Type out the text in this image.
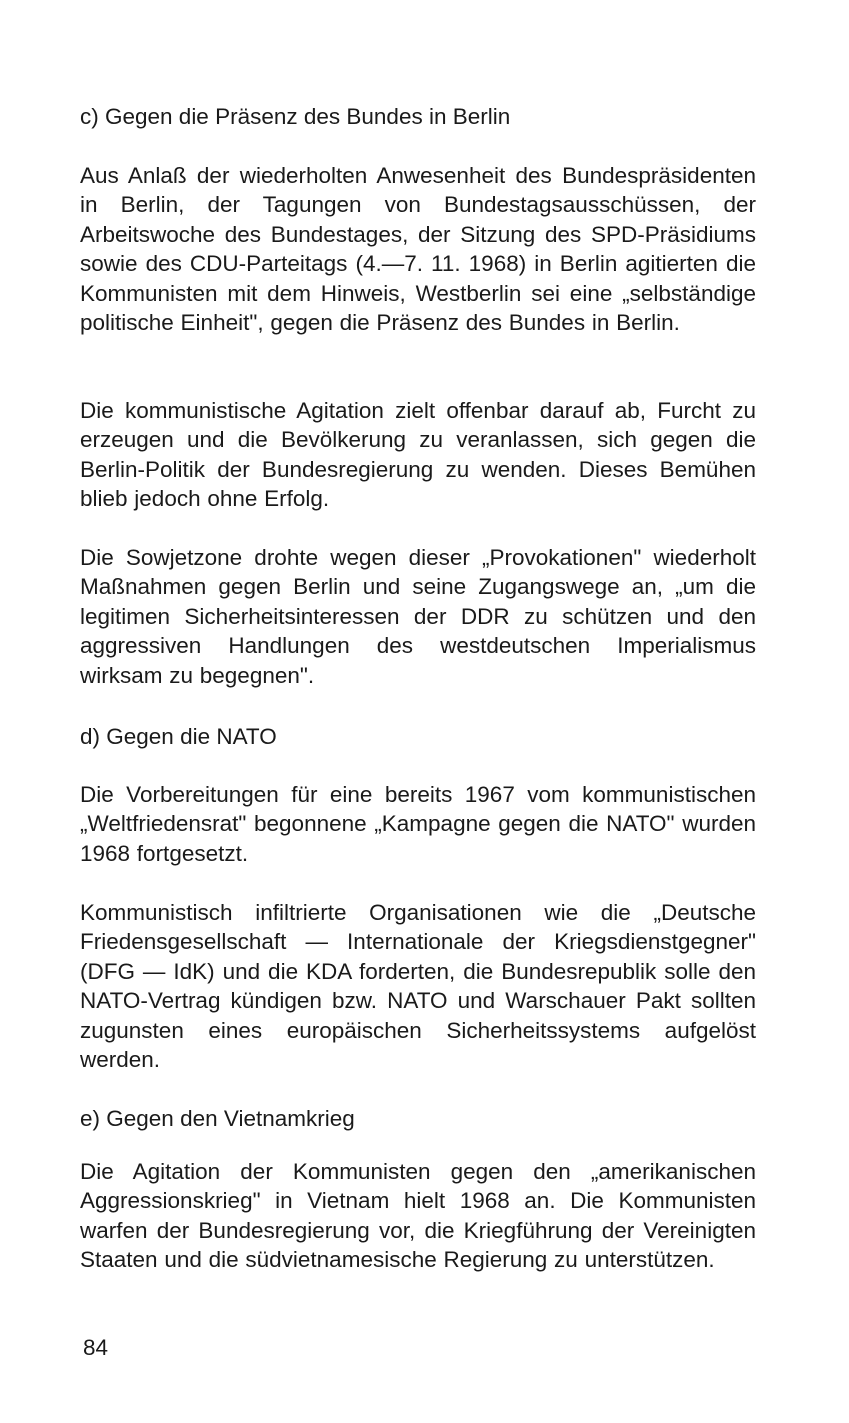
c) Gegen die Präsenz des Bundes in Berlin
Aus Anlaß der wiederholten Anwesenheit des Bundespräsidenten in Berlin, der Tagungen von Bundestagsausschüssen, der Arbeitswoche des Bundestages, der Sitzung des SPD-Präsidiums sowie des CDU-Parteitags (4.—7. 11. 1968) in Berlin agitierten die Kommunisten mit dem Hinweis, Westberlin sei eine „selbständige politische Einheit", gegen die Präsenz des Bundes in Berlin.
Die kommunistische Agitation zielt offenbar darauf ab, Furcht zu erzeugen und die Bevölkerung zu veranlassen, sich gegen die Berlin-Politik der Bundesregierung zu wenden. Dieses Bemühen blieb jedoch ohne Erfolg.
Die Sowjetzone drohte wegen dieser „Provokationen" wiederholt Maßnahmen gegen Berlin und seine Zugangswege an, „um die legitimen Sicherheitsinteressen der DDR zu schützen und den aggressiven Handlungen des westdeutschen Imperialismus wirksam zu begegnen".
d) Gegen die NATO
Die Vorbereitungen für eine bereits 1967 vom kommunistischen „Weltfriedensrat" begonnene „Kampagne gegen die NATO" wurden 1968 fortgesetzt.
Kommunistisch infiltrierte Organisationen wie die „Deutsche Friedensgesellschaft — Internationale der Kriegsdienstgegner" (DFG — IdK) und die KDA forderten, die Bundesrepublik solle den NATO-Vertrag kündigen bzw. NATO und Warschauer Pakt sollten zugunsten eines europäischen Sicherheitssystems aufgelöst werden.
e) Gegen den Vietnamkrieg
Die Agitation der Kommunisten gegen den „amerikanischen Aggressionskrieg" in Vietnam hielt 1968 an. Die Kommunisten warfen der Bundesregierung vor, die Kriegführung der Vereinigten Staaten und die südvietnamesische Regierung zu unterstützen.
84
